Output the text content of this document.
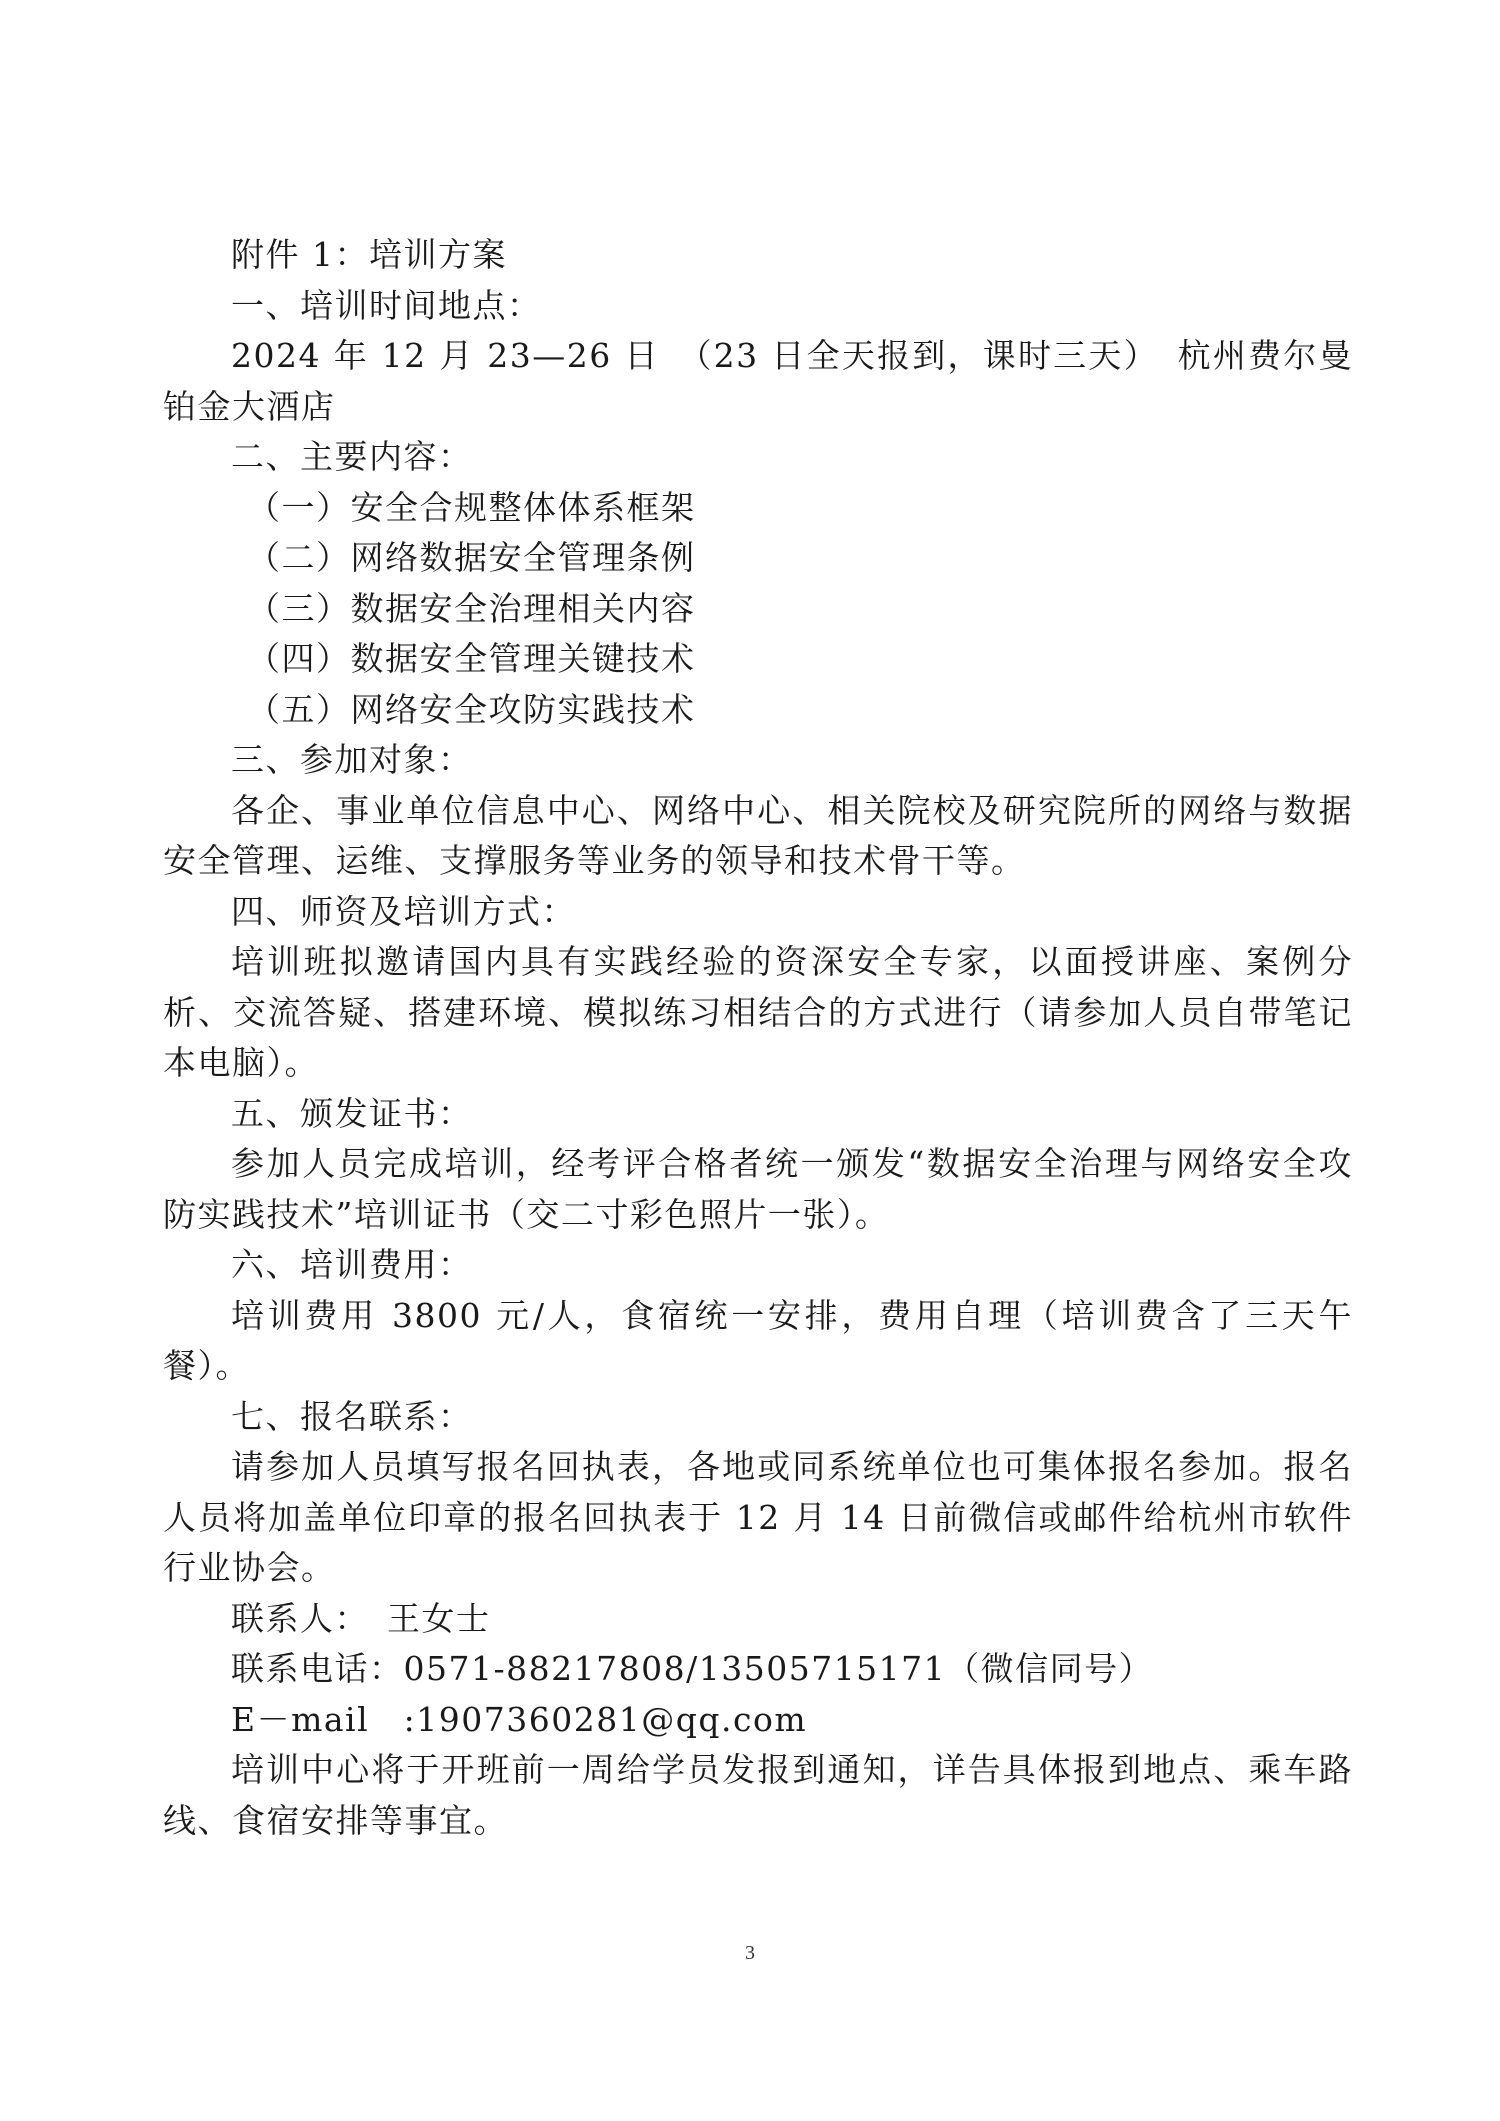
附件 1：培训方案

一、培训时间地点：

2024 年 12 月 23—26 日　（23 日全天报到，课时三天）　杭州费尔曼铂金大酒店

二、主要内容：

（一）安全合规整体体系框架

（二）网络数据安全管理条例

（三）数据安全治理相关内容

（四）数据安全管理关键技术

（五）网络安全攻防实践技术

三、参加对象：

各企、事业单位信息中心、网络中心、相关院校及研究院所的网络与数据安全管理、运维、支撑服务等业务的领导和技术骨干等。

四、师资及培训方式：

培训班拟邀请国内具有实践经验的资深安全专家，以面授讲座、案例分析、交流答疑、搭建环境、模拟练习相结合的方式进行（请参加人员自带笔记本电脑）。

五、颁发证书：

参加人员完成培训，经考评合格者统一颁发“数据安全治理与网络安全攻防实践技术”培训证书（交二寸彩色照片一张）。

六、培训费用：

培训费用 3800 元/人，食宿统一安排，费用自理（培训费含了三天午餐）。

七、报名联系：

请参加人员填写报名回执表，各地或同系统单位也可集体报名参加。报名人员将加盖单位印章的报名回执表于 12 月 14 日前微信或邮件给杭州市软件行业协会。

联系人：　王女士

联系电话：0571-88217808/13505715171（微信同号）

E－mail　:1907360281@qq.com

培训中心将于开班前一周给学员发报到通知，详告具体报到地点、乘车路线、食宿安排等事宜。

3
